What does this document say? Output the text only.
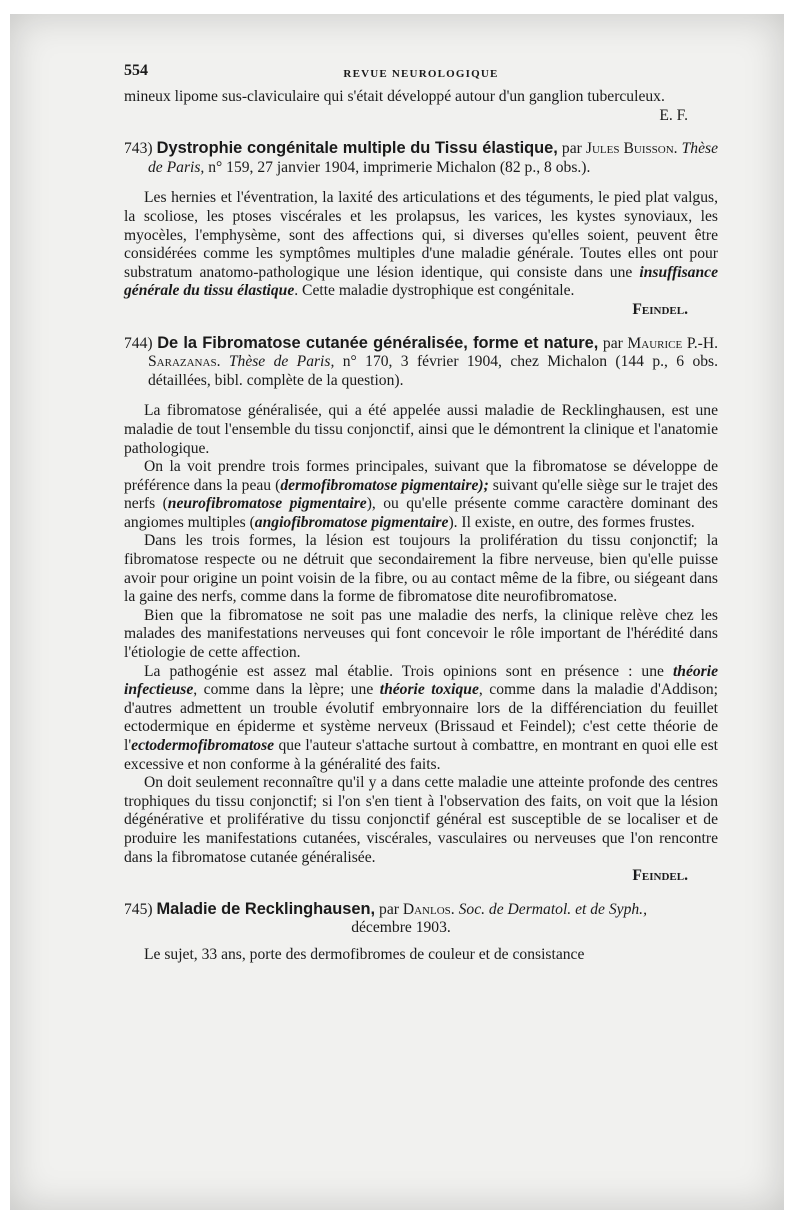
554	REVUE NEUROLOGIQUE

mineux lipome sus-claviculaire qui s'était développé autour d'un ganglion tuberculeux.

E. F.

743) Dystrophie congénitale multiple du Tissu élastique, par Jules Buisson. Thèse de Paris, n° 159, 27 janvier 1904, imprimerie Michalon (82 p., 8 obs.).

Les hernies et l'éventration, la laxité des articulations et des téguments, le pied plat valgus, la scoliose, les ptoses viscérales et les prolapsus, les varices, les kystes synoviaux, les myocèles, l'emphysème, sont des affections qui, si diverses qu'elles soient, peuvent être considérées comme les symptômes multiples d'une maladie générale. Toutes elles ont pour substratum anatomo-pathologique une lésion identique, qui consiste dans une insuffisance générale du tissu élastique. Cette maladie dystrophique est congénitale.

Feindel.

744) De la Fibromatose cutanée généralisée, forme et nature, par Maurice P.-H. Sarazanas. Thèse de Paris, n° 170, 3 février 1904, chez Michalon (144 p., 6 obs. détaillées, bibl. complète de la question).

La fibromatose généralisée, qui a été appelée aussi maladie de Recklinghausen, est une maladie de tout l'ensemble du tissu conjonctif, ainsi que le démontrent la clinique et l'anatomie pathologique.

On la voit prendre trois formes principales, suivant que la fibromatose se développe de préférence dans la peau (dermofibromatose pigmentaire); suivant qu'elle siège sur le trajet des nerfs (neurofibromatose pigmentaire), ou qu'elle présente comme caractère dominant des angiomes multiples (angiofibromatose pigmentaire). Il existe, en outre, des formes frustes.

Dans les trois formes, la lésion est toujours la prolifération du tissu conjonctif; la fibromatose respecte ou ne détruit que secondairement la fibre nerveuse, bien qu'elle puisse avoir pour origine un point voisin de la fibre, ou au contact même de la fibre, ou siégeant dans la gaine des nerfs, comme dans la forme de fibromatose dite neurofibromatose.

Bien que la fibromatose ne soit pas une maladie des nerfs, la clinique relève chez les malades des manifestations nerveuses qui font concevoir le rôle important de l'hérédité dans l'étiologie de cette affection.

La pathogénie est assez mal établie. Trois opinions sont en présence : une théorie infectieuse, comme dans la lèpre; une théorie toxique, comme dans la maladie d'Addison; d'autres admettent un trouble évolutif embryonnaire lors de la différenciation du feuillet ectodermique en épiderme et système nerveux (Brissaud et Feindel); c'est cette théorie de l'ectodermofibromatose que l'auteur s'attache surtout à combattre, en montrant en quoi elle est excessive et non conforme à la généralité des faits.

On doit seulement reconnaître qu'il y a dans cette maladie une atteinte profonde des centres trophiques du tissu conjonctif; si l'on s'en tient à l'observation des faits, on voit que la lésion dégénérative et proliférative du tissu conjonctif général est susceptible de se localiser et de produire les manifestations cutanées, viscérales, vasculaires ou nerveuses que l'on rencontre dans la fibromatose cutanée généralisée.

Feindel.

745) Maladie de Recklinghausen, par Danlos. Soc. de Dermatol. et de Syph.,

décembre 1903.

Le sujet, 33 ans, porte des dermofibromes de couleur et de consistance
